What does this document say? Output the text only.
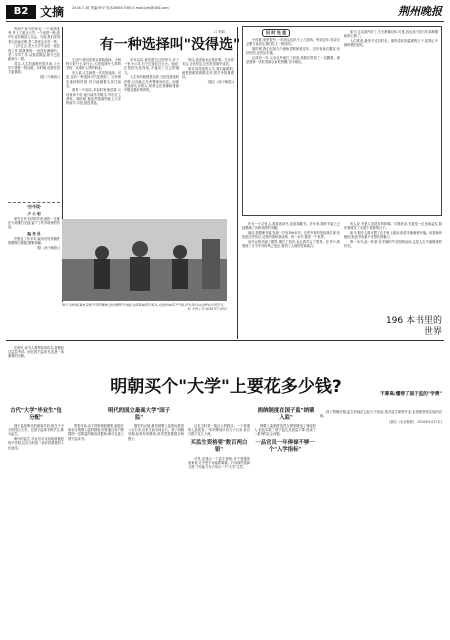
B2 文摘 2016.7.16 责编:钟平 电话:86557165 E-mail:jzrb@163.com	荆州晚报

有两个孩子的家长,一个成绩优秀,考上了重点大学,一个成绩一般,高中毕业后就进入社会。当初,我们觉得老大前途光明,老二将来会辛苦一些。

几年过去,老大大学毕业后一直在找工作,挑挑拣拣,一直没有满意的。老二早早工作,从基层做起,如今已经能独当一面。

其实,人生的道路有很多条,上大学不是唯一的出路。有时候,选择比努力更重要。

(据《今晚报》)
·古今谈·
卢 小 明

研究古代书法的学者,他的一生都在与笔墨打交道,留下了许多珍贵的作品。

编 务 员

在报社工作多年,编务员负责稿件的整理与排版,默默奉献。

(据《扬子晚报》)
有一种选择叫"没得选"
口 李娟

生活中,我们常常会面临选择。小到每天吃什么穿什么,大到选择什么样的学校、从事什么样的职业。

有人说,人生就是一次次的选择。可是,也有一种选择,叫"没得选"。当你别无选择的时候,你只能硬着头皮往前走。

我有一个朋友,年轻时家境贫寒,父母身体不好,他只能早早辍学,外出打工养家。那时候,他也羡慕那些能上大学的同学,可是,他没得选。

多年以后,他凭借自己的努力,开了一家小公司,日子过得红红火火。他说:正是因为没得选,才逼出了自己的潜力。

人生有时候就是这样,当你没得选的时候,反而能心无旁骛地向前走。而那些选择太多的人,常常会在犹豫和徘徊中错过最好的时机。

所以,没得选未必是坏事。它让你专注,让你坚定,让你在逆境中成长。

面对没得选的人生,我们能做的,就是把眼前的路走好,把手中的事做好。

(摘自《扬子晚报》)
新学习时期,要有自强不息的精神,坚持理想不动摇,在困难面前不低头,在挫折面前不气馁,用实际行动诠释奋斗的意义。
时 少民 / 作 2016年7月5日
旧 时 光 里

小时候,家里很穷,一年到头也吃不上几顿肉。每到过年,母亲总会想方设法让我们吃上一顿好的。

那时候,我们兄妹几个最盼望的就是过年。过年有新衣服穿,有好吃的,还有压岁钱。

记得有一年,父亲从外地打工回来,给我们带回了一包糖果。那是我第一次吃到那么好吃的糖,至今难忘。

如今,生活条件好了,天天都像过年,可是,再也找不回当年那种期盼的心情了。

人们常说,最美不过旧时光。那些清贫却温暖的日子,是我心中最珍贵的回忆。

196 本书里的世界

作为一个文化人,我喜欢读书,也喜欢藏书。多年来,我的书架上已经摆满了各种各样的书籍。

最近,我整理书架,发现一共有196本书。这些书有的是经典名著,有的是历史传记,还有的是科普读物。每一本书,都是一个世界。

读书让我开阔了眼界,增长了知识,也让我学会了思考。在书中,我看到了古今中外的风云变幻,看到了人间的悲欢离合。

有人说,书是人类进步的阶梯。对我来说,书更是一位良师益友,陪伴我度过了无数个孤独的日子。

如今,很多人都习惯了在手机上阅读,纸质书渐渐被冷落。但我始终相信,纸质书有着不可替代的魅力。

捧一本书,泡一杯茶,在安静的午后细细品读,这是人生中最惬意的时光。

明朝买个"大学"上要花多少钱?

在明代,读书人要想获得功名,需要经过层层考试。而在国子监读书,也是一条重要的出路。

古代"大学"毕业生"包分配"

国子监是明代的最高学府,相当于今天的国立大学。在国子监读书的学生,称为监生。

明代的监生,毕业后可以直接被朝廷授予官职,这在当时是一条非常重要的入仕途径。

明代的国立最高大学"国子监"

景泰年间,由于国家财政紧张,朝廷开始实行纳粟入监的制度,即普通百姓只要捐纳一定数量的粮食或银两,就可以进入国子监读书。

据史料记载,最初纳粟入监的标准是八百石米,后来又改为四百石。到了明朝后期,标准有所降低,但仍然需要数百两银子。

捐纳制度在国子监"纳粟入监"

这在当时是一笔巨大的数目。一个普通的七品知县,一年的俸禄只有九十石米,折合白银不过几十两。

买监生资格要"数百两白银"

可见,花钱买一个监生资格,对于普通家庭来说,几乎是不可能的事情。只有那些富商大贾,才有能力为子弟买一个"大学"文凭。

纳粟入监制度虽然为国家增加了财政收入,但也导致了国子监生员质量下降,造成了一系列的社会问题。

一品官员一年俸禄不够一个"入学指标"
不算高:懂得了国子监的"学费"

到了明朝后期,监生的地位已经大不如前,很多监生即使毕业,也很难获得实际的官职。

(摘自《北京晚报》 2016年6月12日)
